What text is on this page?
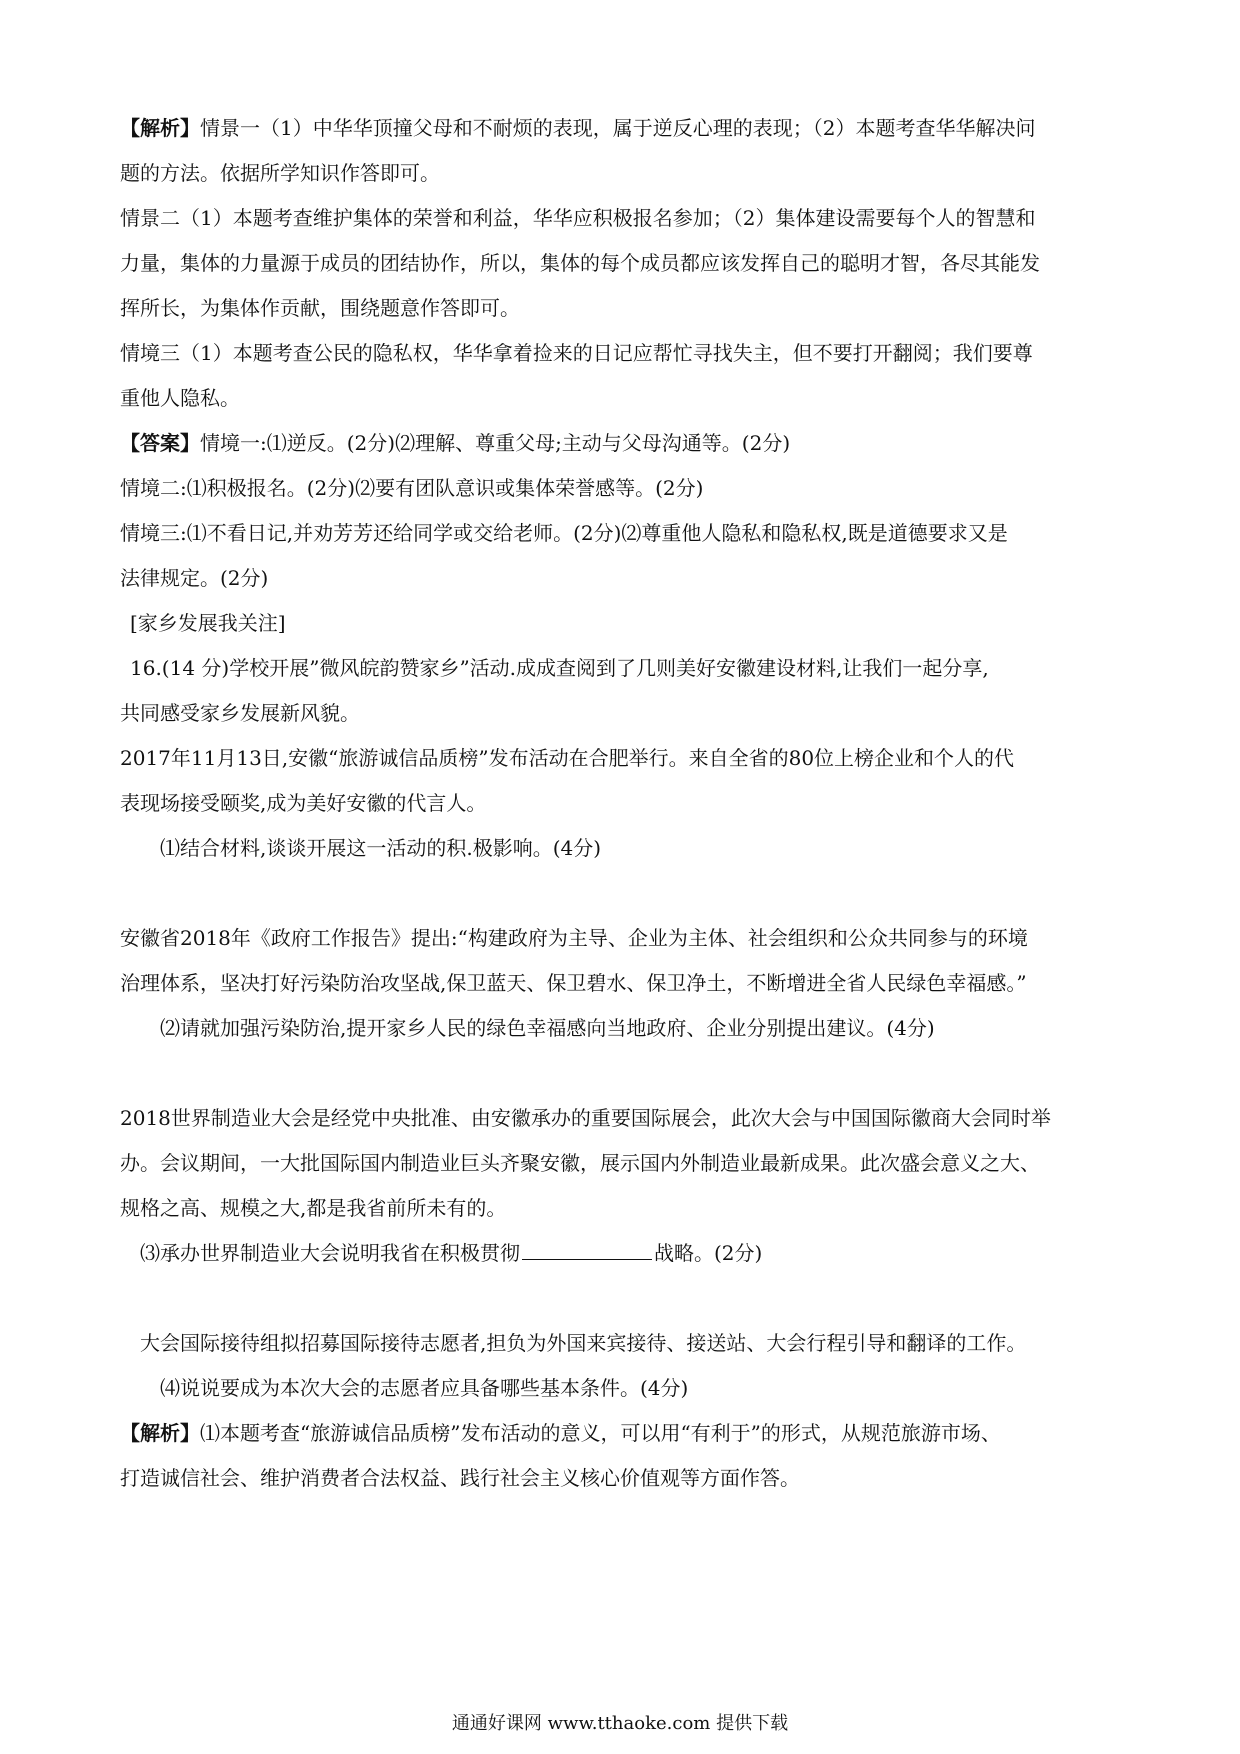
【解析】情景一（1）中华华顶撞父母和不耐烦的表现，属于逆反心理的表现；（2）本题考查华华解决问
题的方法。依据所学知识作答即可。
情景二（1）本题考查维护集体的荣誉和利益，华华应积极报名参加；（2）集体建设需要每个人的智慧和
力量，集体的力量源于成员的团结协作，所以，集体的每个成员都应该发挥自己的聪明才智，各尽其能发
挥所长，为集体作贡献，围绕题意作答即可。
情境三（1）本题考查公民的隐私权，华华拿着捡来的日记应帮忙寻找失主，但不要打开翻阅；我们要尊
重他人隐私。
【答案】情境一:⑴逆反。(2分)⑵理解、尊重父母;主动与父母沟通等。(2分)
情境二:⑴积极报名。(2分)⑵要有团队意识或集体荣誉感等。(2分)
情境三:⑴不看日记,并劝芳芳还给同学或交给老师。(2分)⑵尊重他人隐私和隐私权,既是道德要求又是
法律规定。(2分)
[家乡发展我关注]
16.(14 分)学校开展”微风皖韵赞家乡”活动.成成查阅到了几则美好安徽建设材料,让我们一起分享,
共同感受家乡发展新风貌。
2017年11月13日,安徽“旅游诚信品质榜”发布活动在合肥举行。来自全省的80位上榜企业和个人的代
表现场接受颐奖,成为美好安徽的代言人。
⑴结合材料,谈谈开展这一活动的积.极影响。(4分)
安徽省2018年《政府工作报告》提出:“构建政府为主导、企业为主体、社会组织和公众共同参与的环境
治理体系，坚决打好污染防治攻坚战,保卫蓝天、保卫碧水、保卫净土，不断增进全省人民绿色幸福感。”
⑵请就加强污染防治,提开家乡人民的绿色幸福感向当地政府、企业分别提出建议。(4分)
2018世界制造业大会是经党中央批准、由安徽承办的重要国际展会，此次大会与中国国际徽商大会同时举
办。会议期间，一大批国际国内制造业巨头齐聚安徽，展示国内外制造业最新成果。此次盛会意义之大、
规格之高、规模之大,都是我省前所未有的。
⑶承办世界制造业大会说明我省在积极贯彻	战略。(2分)
大会国际接待组拟招募国际接待志愿者,担负为外国来宾接待、接送站、大会行程引导和翻译的工作。
⑷说说要成为本次大会的志愿者应具备哪些基本条件。(4分)
【解析】⑴本题考查“旅游诚信品质榜”发布活动的意义，可以用“有利于”的形式，从规范旅游市场、
打造诚信社会、维护消费者合法权益、践行社会主义核心价值观等方面作答。
通通好课网 www.tthaoke.com 提供下载
